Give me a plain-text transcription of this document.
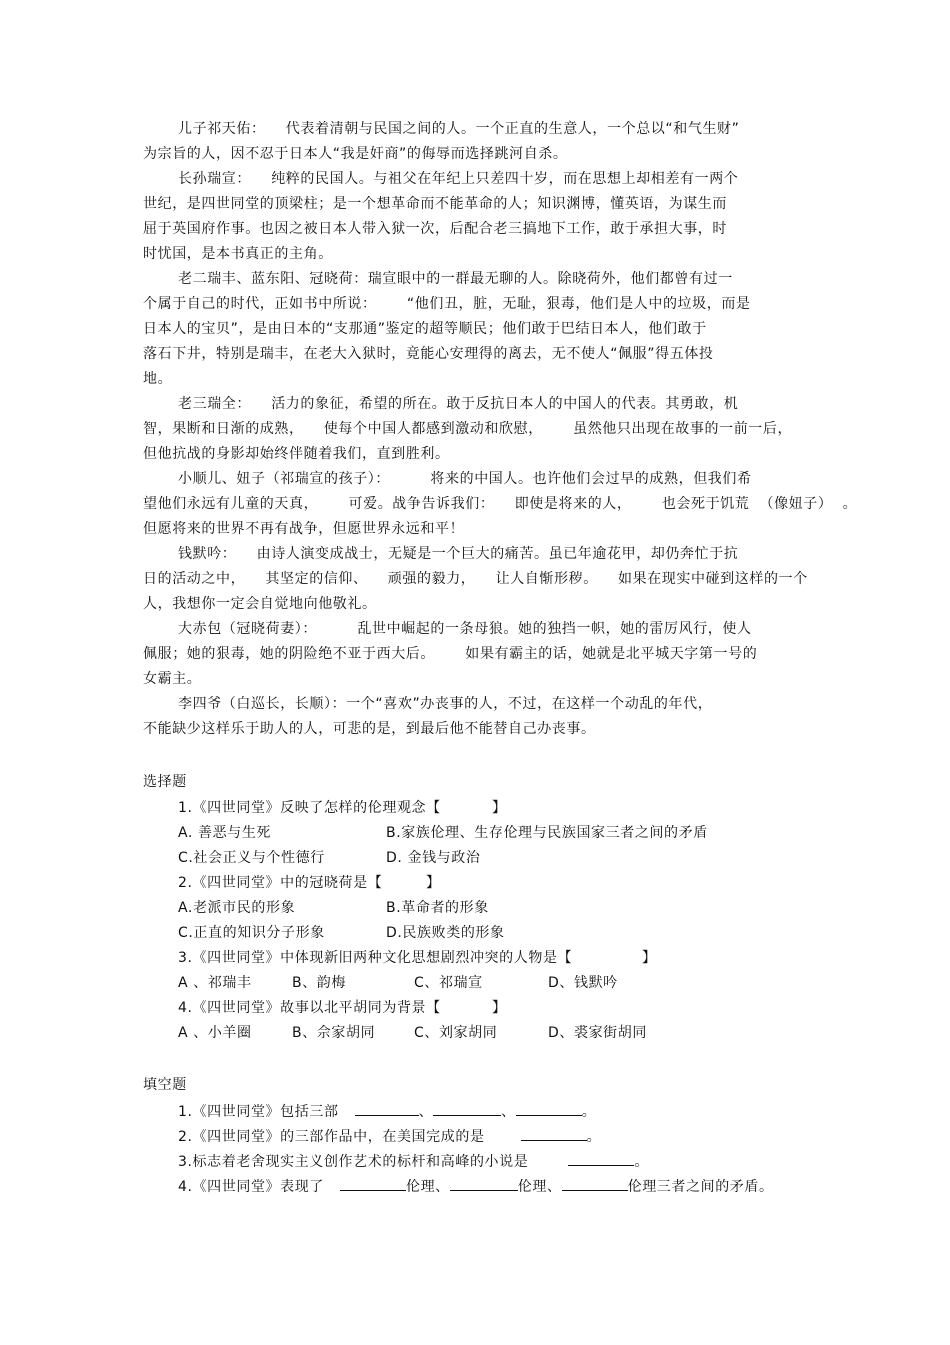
儿子祁天佑：    代表着清朝与民国之间的人。一个正直的生意人，一个总以“和气生财”
为宗旨的人，因不忍于日本人“我是奸商”的侮辱而选择跳河自杀。
长孙瑞宣：    纯粹的民国人。与祖父在年纪上只差四十岁，而在思想上却相差有一两个
世纪，是四世同堂的顶梁柱；是一个想革命而不能革命的人；知识渊博，懂英语，为谋生而
屈于英国府作事。也因之被日本人带入狱一次，后配合老三搞地下工作，敢于承担大事，时
时忧国，是本书真正的主角。
老二瑞丰、蓝东阳、冠晓荷：瑞宣眼中的一群最无聊的人。除晓荷外，他们都曾有过一
个属于自己的时代，正如书中所说：      “他们丑，脏，无耻，狠毒，他们是人中的垃圾，而是
日本人的宝贝”，是由日本的“支那通”鉴定的超等顺民；他们敢于巴结日本人，他们敢于
落石下井，特别是瑞丰，在老大入狱时，竟能心安理得的离去，无不使人“佩服”得五体投
地。
老三瑞全：    活力的象征，希望的所在。敢于反抗日本人的中国人的代表。其勇敢，机
智，果断和日渐的成熟，    使每个中国人都感到激动和欣慰，      虽然他只出现在故事的一前一后，
但他抗战的身影却始终伴随着我们，直到胜利。
小顺儿、妞子（祁瑞宣的孩子）：        将来的中国人。也许他们会过早的成熟，但我们希
望他们永远有儿童的天真，      可爱。战争告诉我们：    即使是将来的人，      也会死于饥荒  （像妞子）  。
但愿将来的世界不再有战争，但愿世界永远和平！
钱默吟：    由诗人演变成战士，无疑是一个巨大的痛苦。虽已年逾花甲，却仍奔忙于抗
日的活动之中，    其坚定的信仰、    顽强的毅力，    让人自惭形秽。    如果在现实中碰到这样的一个
人，我想你一定会自觉地向他敬礼。
大赤包（冠晓荷妻）：        乱世中崛起的一条母狼。她的独挡一帜，她的雷厉风行，使人
佩服；她的狠毒，她的阴险绝不亚于西大后。      如果有霸主的话，她就是北平城天字第一号的
女霸主。
李四爷（白巡长，长顺）：一个“喜欢”办丧事的人，不过，在这样一个动乱的年代，
不能缺少这样乐于助人的人，可悲的是，到最后他不能替自己办丧事。
选择题
1.《四世同堂》反映了怎样的伦理观念【	】
A. 善恶与生死	B.家族伦理、生存伦理与民族国家三者之间的矛盾
C.社会正义与个性德行	D. 金钱与政治
2.《四世同堂》中的冠晓荷是【	】
A.老派市民的形象	B.革命者的形象
C.正直的知识分子形象	D.民族败类的形象
3.《四世同堂》中体现新旧两种文化思想剧烈冲突的人物是【	】
A 、祁瑞丰	B、韵梅	C、祁瑞宣	D、钱默吟
4.《四世同堂》故事以北平胡同为背景【	】
A 、小羊圈	B、佘家胡同	C、刘家胡同	D、裘家街胡同
填空题
1.《四世同堂》包括三部	、	、	。
2.《四世同堂》的三部作品中，在美国完成的是	。
3.标志着老舍现实主义创作艺术的标杆和高峰的小说是	。
4.《四世同堂》表现了	伦理、	伦理、	伦理三者之间的矛盾。
